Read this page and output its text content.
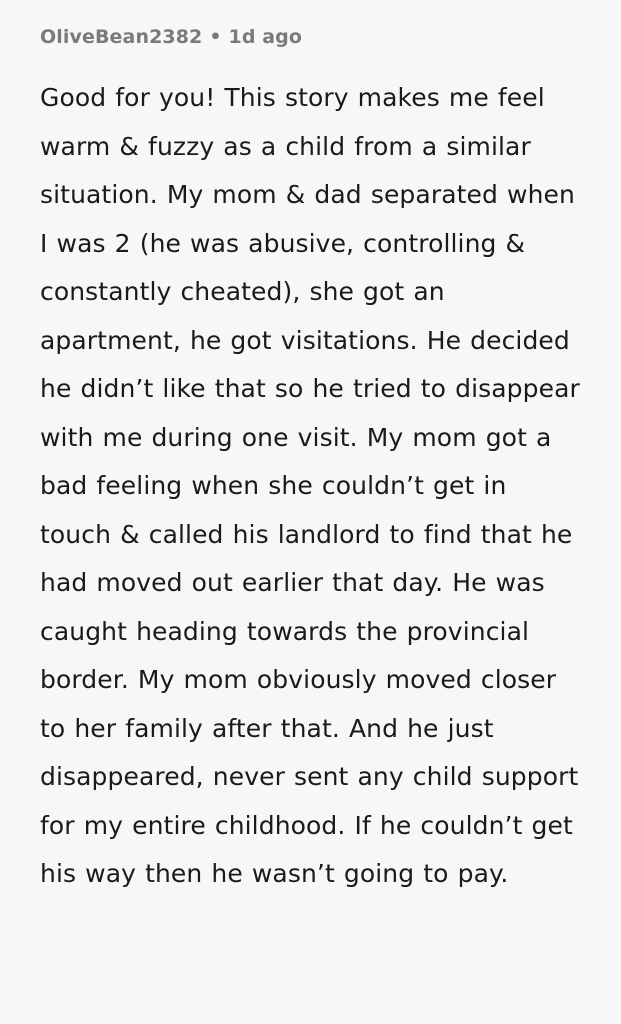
OliveBean2382 • 1d ago
Good for you! This story makes me feel warm & fuzzy as a child from a similar situation. My mom & dad separated when I was 2 (he was abusive, controlling & constantly cheated), she got an apartment, he got visitations. He decided he didn’t like that so he tried to disappear with me during one visit. My mom got a bad feeling when she couldn’t get in touch & called his landlord to find that he had moved out earlier that day. He was caught heading towards the provincial border. My mom obviously moved closer to her family after that. And he just disappeared, never sent any child support for my entire childhood. If he couldn’t get his way then he wasn’t going to pay.
